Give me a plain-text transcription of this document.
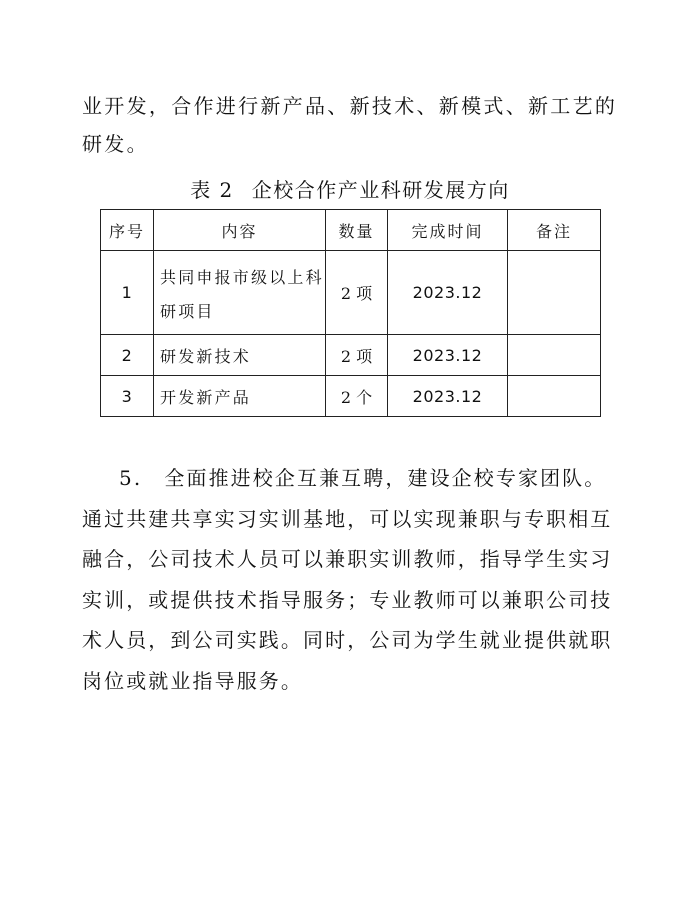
业开发，合作进行新产品、新技术、新模式、新工艺的研发。

表 2 企校合作产业科研发展方向
序号	内容	数量	完成时间	备注
1	共同申报市级以上科研项目	2 项	2023.12	
2	研发新技术	2 项	2023.12	
3	开发新产品	2 个	2023.12	

5.　全面推进校企互兼互聘，建设企校专家团队。通过共建共享实习实训基地，可以实现兼职与专职相互融合，公司技术人员可以兼职实训教师，指导学生实习实训，或提供技术指导服务；专业教师可以兼职公司技术人员，到公司实践。同时，公司为学生就业提供就职岗位或就业指导服务。
